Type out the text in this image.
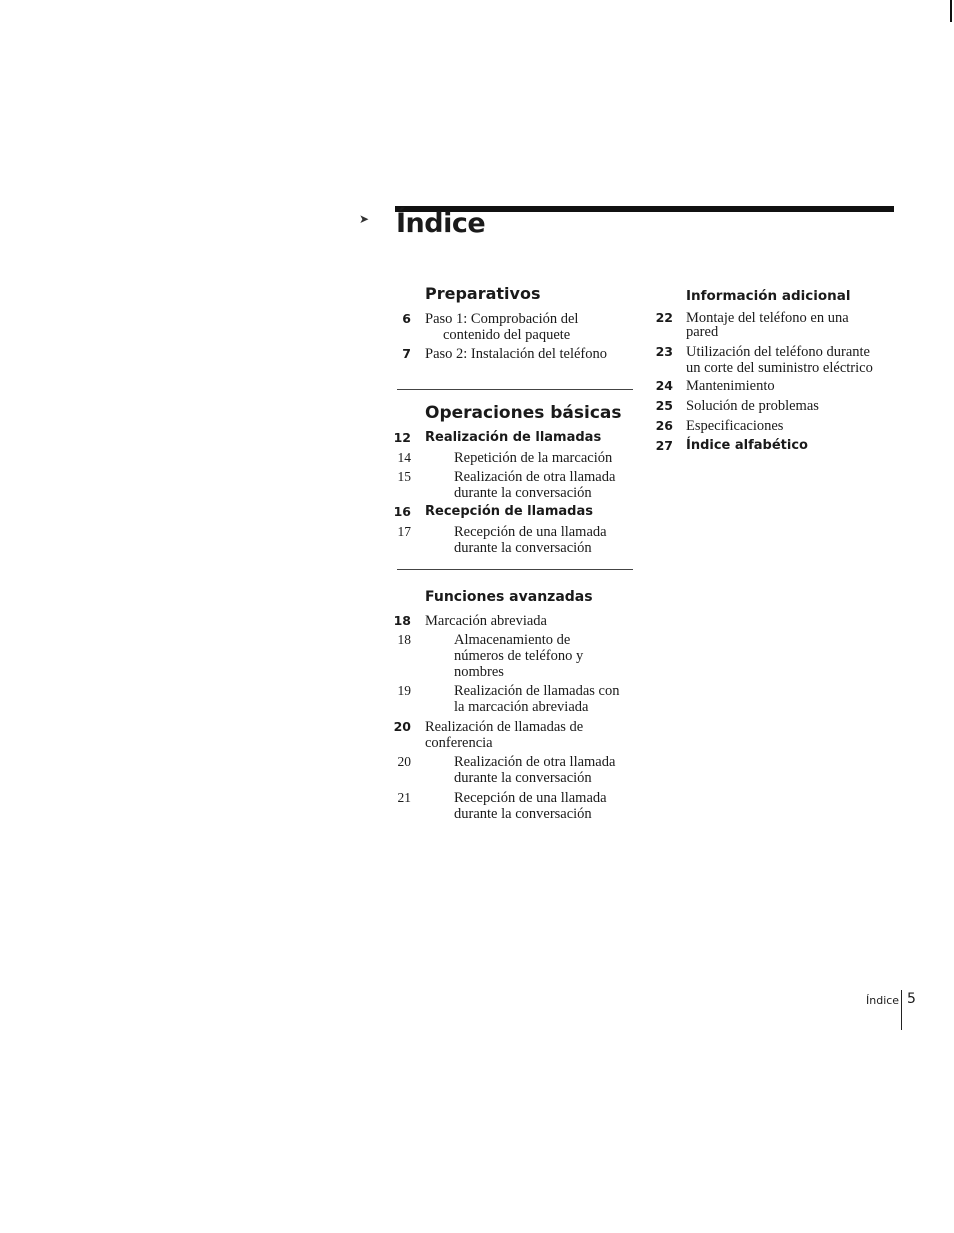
➤ Índice
Preparativos
6 Paso 1: Comprobación del
contenido del paquete
7 Paso 2: Instalación del teléfono
Operaciones básicas
12 Realización de llamadas
14	Repetición de la marcación
15	Realización de otra llamada
durante la conversación
16 Recepción de llamadas
17	Recepción de una llamada
durante la conversación
Funciones avanzadas
18 Marcación abreviada
18	Almacenamiento de
números de teléfono y
nombres
19	Realización de llamadas con
la marcación abreviada
20 Realización de llamadas de
conferencia
20	Realización de otra llamada
durante la conversación
21	Recepción de una llamada
durante la conversación
Información adicional
22 Montaje del teléfono en una
pared
23 Utilización del teléfono durante
un corte del suministro eléctrico
24 Mantenimiento
25 Solución de problemas
26 Especificaciones
27 Índice alfabético
Índice 5
